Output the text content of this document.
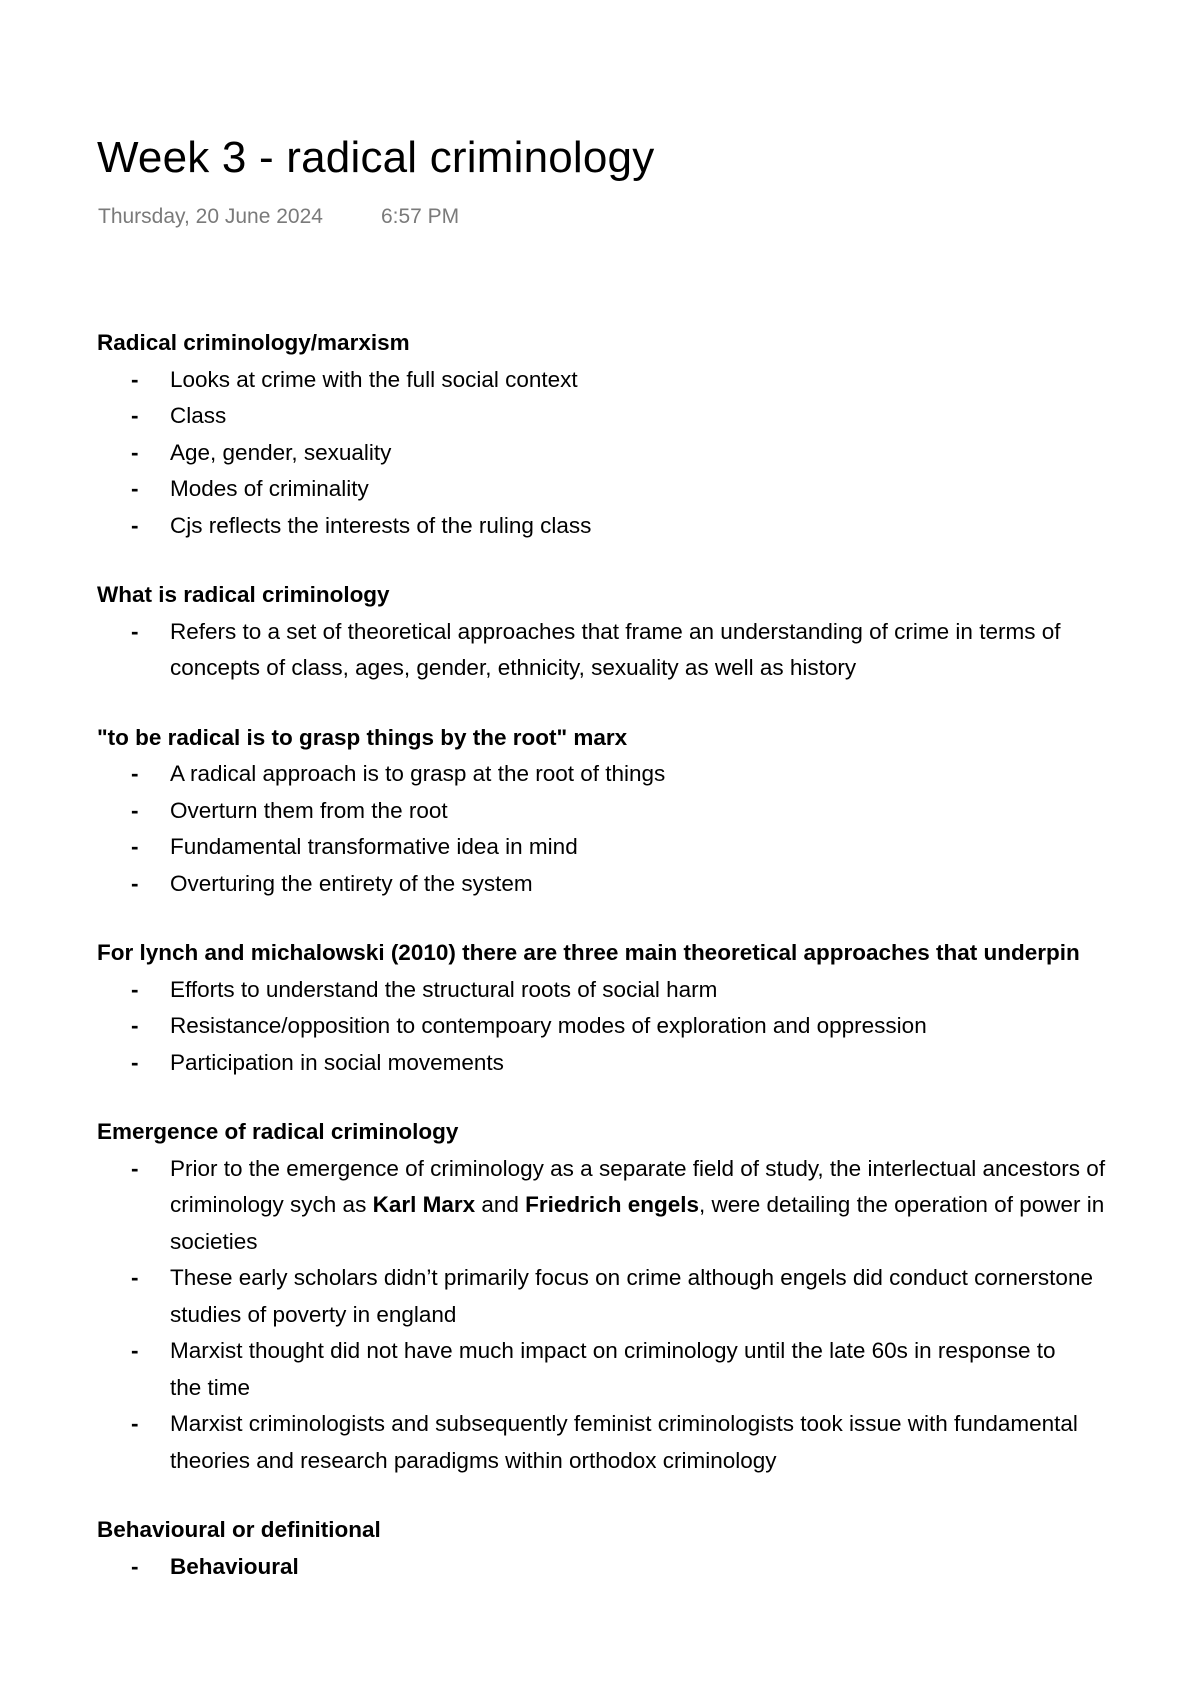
Week 3 - radical criminology
Thursday, 20 June 2024	6:57 PM
Radical criminology/marxism
- Looks at crime with the full social context
- Class
- Age, gender, sexuality
- Modes of criminality
- Cjs reflects the interests of the ruling class
What is radical criminology
- Refers to a set of theoretical approaches that frame an understanding of crime in terms of
concepts of class, ages, gender, ethnicity, sexuality as well as history
"to be radical is to grasp things by the root" marx
- A radical approach is to grasp at the root of things
- Overturn them from the root
- Fundamental transformative idea in mind
- Overturing the entirety of the system
For lynch and michalowski (2010) there are three main theoretical approaches that underpin
- Efforts to understand the structural roots of social harm
- Resistance/opposition to contempoary modes of exploration and oppression
- Participation in social movements
Emergence of radical criminology
- Prior to the emergence of criminology as a separate field of study, the interlectual ancestors of
criminology sych as Karl Marx and Friedrich engels, were detailing the operation of power in
societies
- These early scholars didn’t primarily focus on crime although engels did conduct cornerstone
studies of poverty in england
- Marxist thought did not have much impact on criminology until the late 60s in response to
the time
- Marxist criminologists and subsequently feminist criminologists took issue with fundamental
theories and research paradigms within orthodox criminology
Behavioural or definitional
- Behavioural
